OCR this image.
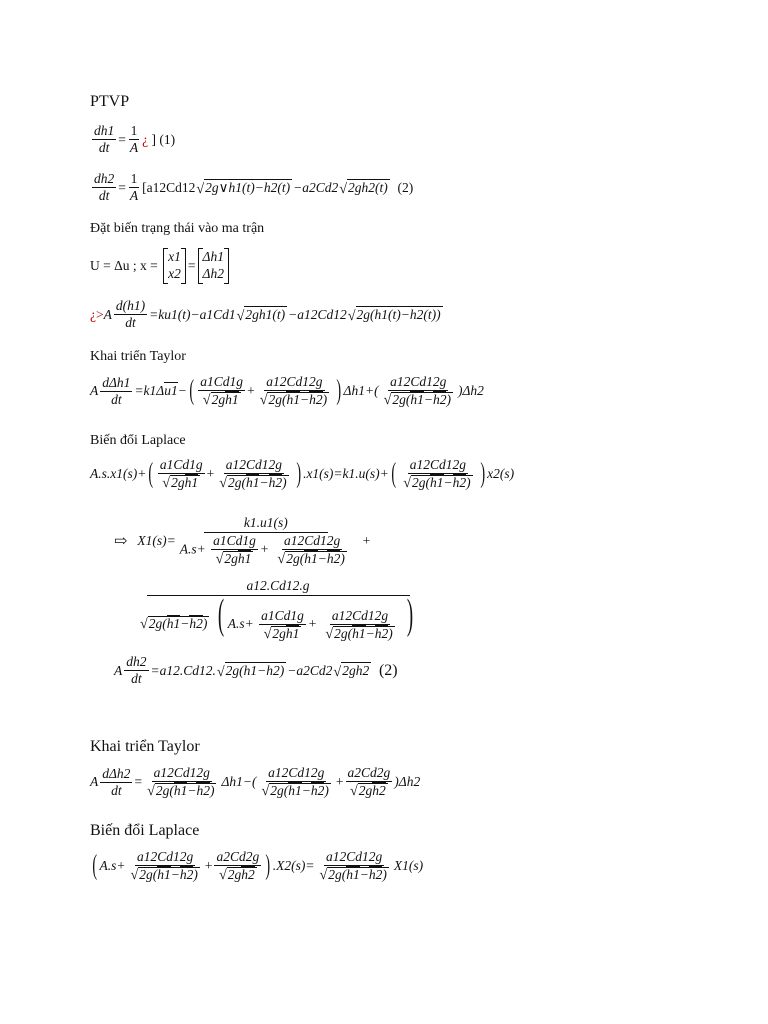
PTVP
$\frac{dh1}{dt} = \frac{1}{A}$ ¿
] (1)
$\frac{dh2}{dt} = \frac{1}{A} [a12Cd12$ √ 2g∨h1(t)−h2(t) −a2Cd2 √ 2gh2(t)
(2)
Đặt biến trạng thái vào ma trận
U = Δu ; x =

x1
x2
=
Δh1
Δh2
¿> A $\frac{d(h1)}{dt} =ku1(t)-a1Cd1$ √ 2gh1(t) −a12Cd12 √ 2g(h1(t)−h2(t))
Khai triển Taylor
A $\frac{\text{dΔh1}}{dt} =k1\Delta u1-$ ( $\frac{a1Cd1g}{√ 2gh1} + \frac{a12Cd12g}{√ 2g(h1-h2)}$ ) $\Delta h1+( \frac{a12Cd12g}{√ 2g(h1-h2)} )\Delta h2$
Biến đổi Laplace
A.s.x1(s)+ ( $\frac{a1Cd1g}{√ 2gh1} + \frac{a12Cd12g}{√ 2g(h1-h2)}$ ) .x1(s)=k1.u(s)+ ( $\frac{a12Cd12g}{√ 2g(h1-h2)}$ ) x2(s)
⇨ $X1(s)= \frac{k1.u1(s)}{A.s+ \frac{a1Cd1g}{√ 2gh1} + \frac{a12Cd12g}{√ 2g(h1-h2)}}$ +
a12.Cd12.g
√ 2g(h1−h2) ( $A.s+ \frac{a1Cd1g}{√ 2gh1} + \frac{a12Cd12g}{√ 2g(h1-h2)}$ )
A $\frac{dh2}{dt} =a12.Cd12$. √ 2g(h1−h2) −a2Cd2 √ 2gh2
(2)
Khai triển Taylor
A $\frac{\text{dΔh2}}{dt} = \frac{a12Cd12g}{√ 2g(h1-h2)} \Delta h1-( \frac{a12Cd12g}{√ 2g(h1-h2)} + \frac{a2Cd2g}{√ 2gh2} )\Delta h2$
Biến đổi Laplace
( $A.s+ \frac{a12Cd12g}{√ 2g(h1-h2)} + \frac{a2Cd2g}{√ 2gh2}$ ) $.X2(s)= \frac{a12Cd12g}{√ 2g(h1-h2)} X1(s)$
